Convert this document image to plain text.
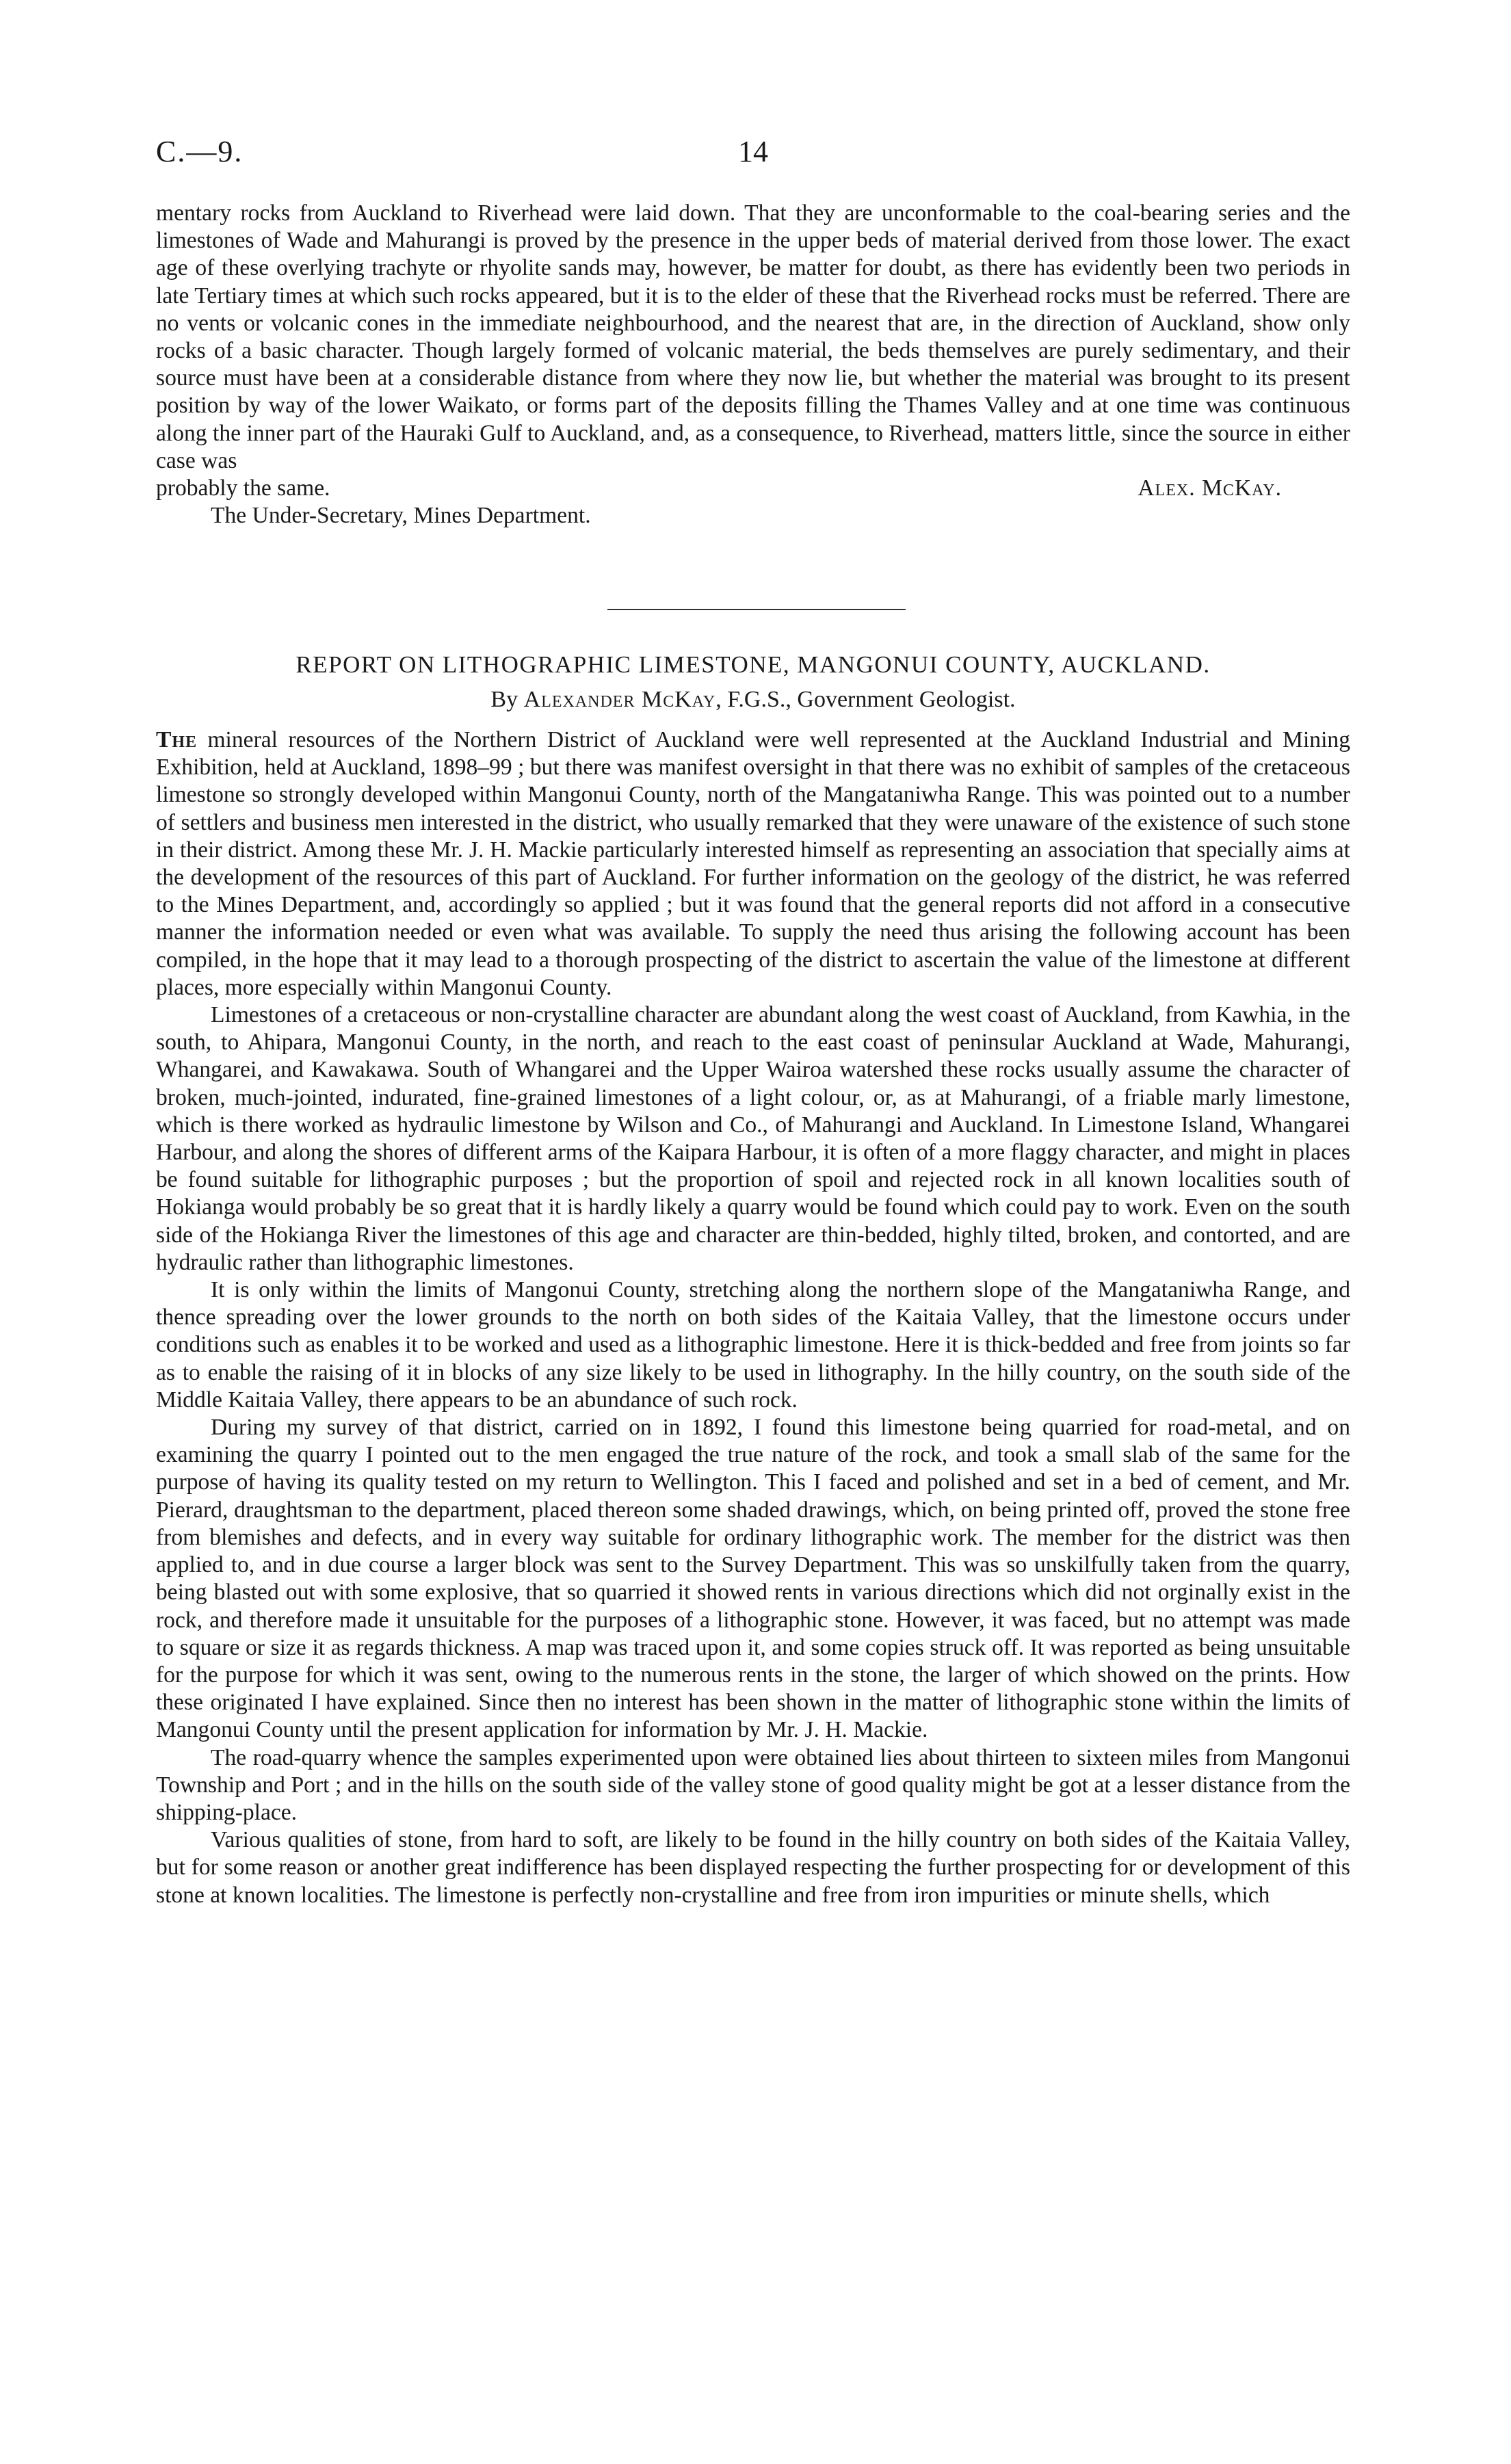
C.—9.	14

mentary rocks from Auckland to Riverhead were laid down. That they are unconformable to the coal-bearing series and the limestones of Wade and Mahurangi is proved by the presence in the upper beds of material derived from those lower. The exact age of these overlying trachyte or rhyolite sands may, however, be matter for doubt, as there has evidently been two periods in late Tertiary times at which such rocks appeared, but it is to the elder of these that the Riverhead rocks must be referred. There are no vents or volcanic cones in the immediate neighbourhood, and the nearest that are, in the direction of Auckland, show only rocks of a basic character. Though largely formed of volcanic material, the beds themselves are purely sedimentary, and their source must have been at a considerable distance from where they now lie, but whether the material was brought to its present position by way of the lower Waikato, or forms part of the deposits filling the Thames Valley and at one time was continuous along the inner part of the Hauraki Gulf to Auckland, and, as a consequence, to Riverhead, matters little, since the source in either case was

probably the same.	Alex. McKay.

The Under-Secretary, Mines Department.

REPORT ON LITHOGRAPHIC LIMESTONE, MANGONUI COUNTY, AUCKLAND.
By Alexander McKay, F.G.S., Government Geologist.

The mineral resources of the Northern District of Auckland were well represented at the Auckland Industrial and Mining Exhibition, held at Auckland, 1898–99 ; but there was manifest oversight in that there was no exhibit of samples of the cretaceous limestone so strongly developed within Mangonui County, north of the Mangataniwha Range. This was pointed out to a number of settlers and business men interested in the district, who usually remarked that they were unaware of the existence of such stone in their district. Among these Mr. J. H. Mackie particularly interested himself as representing an association that specially aims at the development of the resources of this part of Auckland. For further information on the geology of the district, he was referred to the Mines Department, and, accordingly so applied ; but it was found that the general reports did not afford in a consecutive manner the information needed or even what was available. To supply the need thus arising the following account has been compiled, in the hope that it may lead to a thorough prospecting of the district to ascertain the value of the limestone at different places, more especially within Mangonui County.

Limestones of a cretaceous or non-crystalline character are abundant along the west coast of Auckland, from Kawhia, in the south, to Ahipara, Mangonui County, in the north, and reach to the east coast of peninsular Auckland at Wade, Mahurangi, Whangarei, and Kawakawa. South of Whangarei and the Upper Wairoa watershed these rocks usually assume the character of broken, much-jointed, indurated, fine-grained limestones of a light colour, or, as at Mahurangi, of a friable marly limestone, which is there worked as hydraulic limestone by Wilson and Co., of Mahurangi and Auckland. In Limestone Island, Whangarei Harbour, and along the shores of different arms of the Kaipara Harbour, it is often of a more flaggy character, and might in places be found suitable for lithographic purposes ; but the proportion of spoil and rejected rock in all known localities south of Hokianga would probably be so great that it is hardly likely a quarry would be found which could pay to work. Even on the south side of the Hokianga River the limestones of this age and character are thin-bedded, highly tilted, broken, and contorted, and are hydraulic rather than lithographic limestones.

It is only within the limits of Mangonui County, stretching along the northern slope of the Mangataniwha Range, and thence spreading over the lower grounds to the north on both sides of the Kaitaia Valley, that the limestone occurs under conditions such as enables it to be worked and used as a lithographic limestone. Here it is thick-bedded and free from joints so far as to enable the raising of it in blocks of any size likely to be used in lithography. In the hilly country, on the south side of the Middle Kaitaia Valley, there appears to be an abundance of such rock.

During my survey of that district, carried on in 1892, I found this limestone being quarried for road-metal, and on examining the quarry I pointed out to the men engaged the true nature of the rock, and took a small slab of the same for the purpose of having its quality tested on my return to Wellington. This I faced and polished and set in a bed of cement, and Mr. Pierard, draughtsman to the department, placed thereon some shaded drawings, which, on being printed off, proved the stone free from blemishes and defects, and in every way suitable for ordinary lithographic work. The member for the district was then applied to, and in due course a larger block was sent to the Survey Department. This was so unskilfully taken from the quarry, being blasted out with some explosive, that so quarried it showed rents in various directions which did not orginally exist in the rock, and therefore made it unsuitable for the purposes of a lithographic stone. However, it was faced, but no attempt was made to square or size it as regards thickness. A map was traced upon it, and some copies struck off. It was reported as being unsuitable for the purpose for which it was sent, owing to the numerous rents in the stone, the larger of which showed on the prints. How these originated I have explained. Since then no interest has been shown in the matter of lithographic stone within the limits of Mangonui County until the present application for information by Mr. J. H. Mackie.

The road-quarry whence the samples experimented upon were obtained lies about thirteen to sixteen miles from Mangonui Township and Port ; and in the hills on the south side of the valley stone of good quality might be got at a lesser distance from the shipping-place.

Various qualities of stone, from hard to soft, are likely to be found in the hilly country on both sides of the Kaitaia Valley, but for some reason or another great indifference has been displayed respecting the further prospecting for or development of this stone at known localities. The limestone is perfectly non-crystalline and free from iron impurities or minute shells, which
